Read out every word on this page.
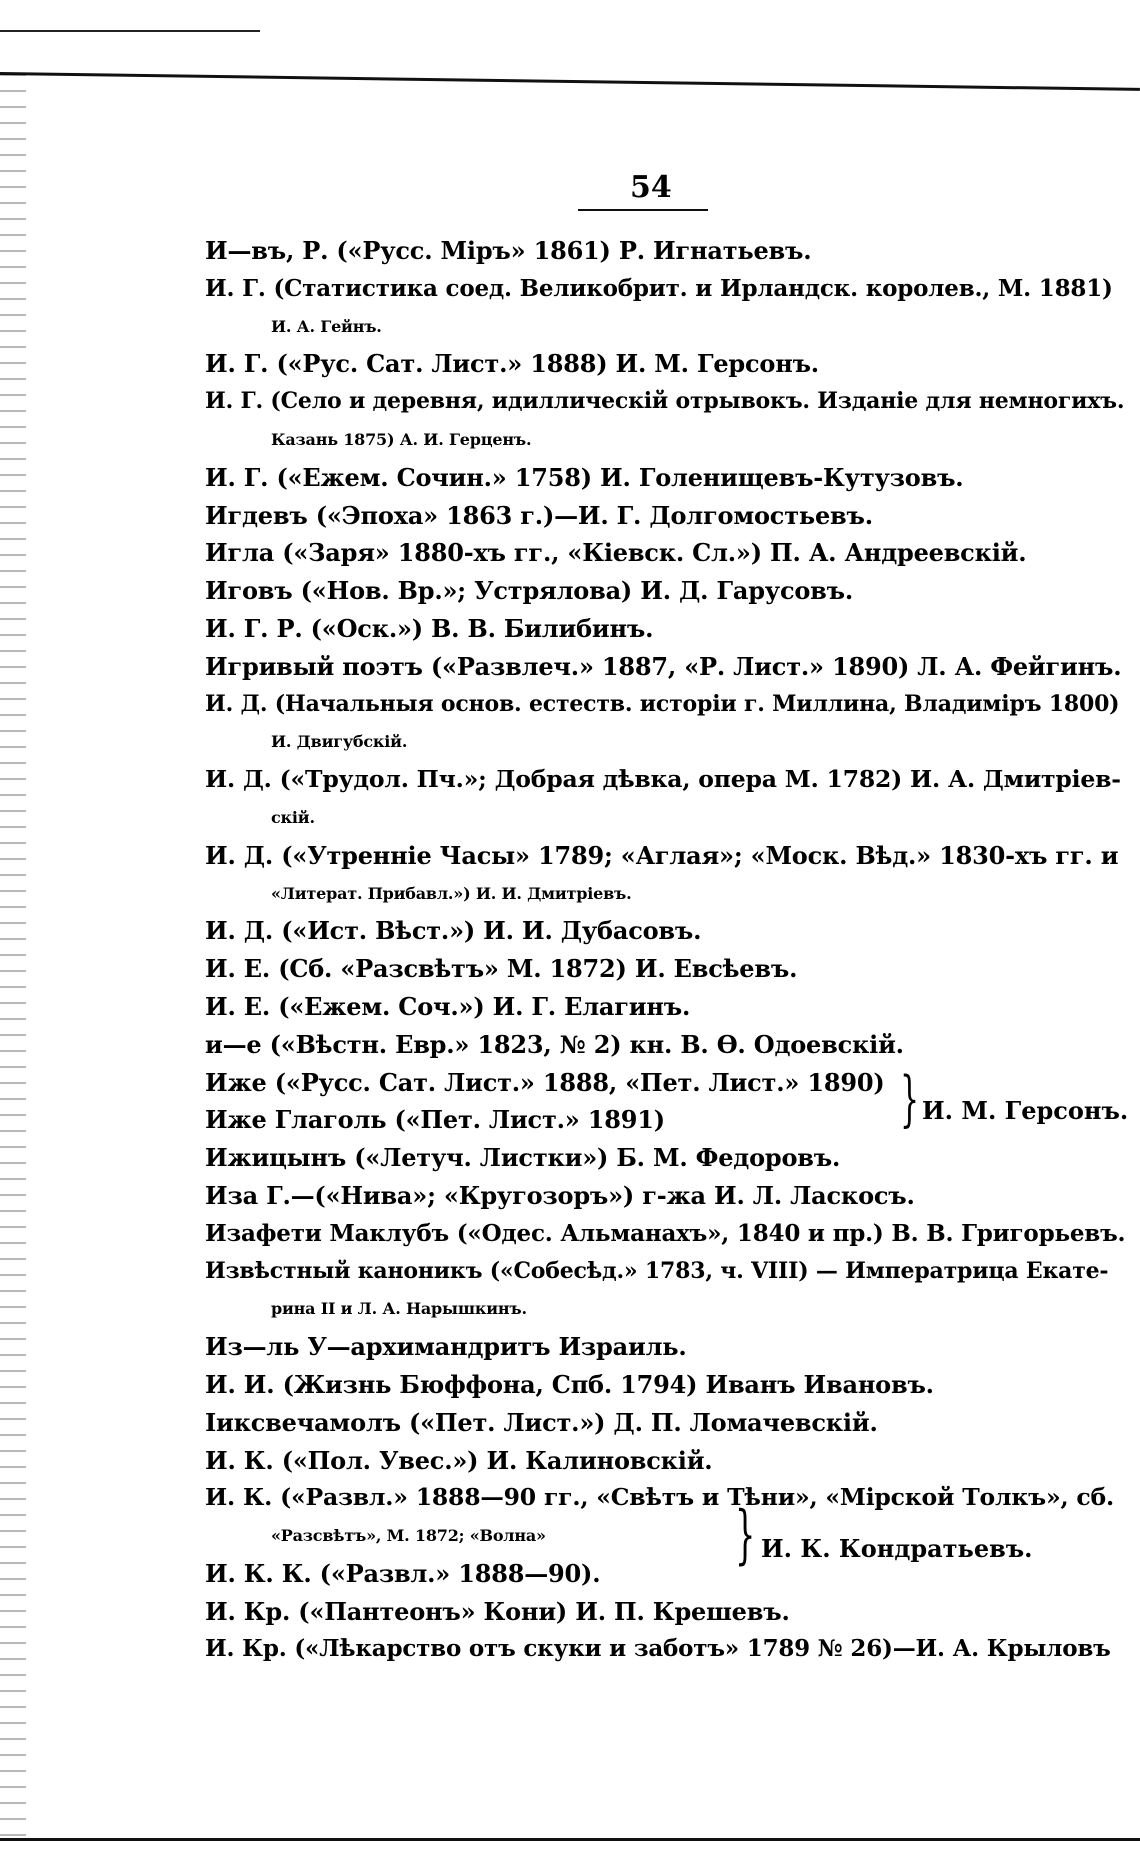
54
И—въ, Р. («Русс. Міръ» 1861) Р. Игнатьевъ.
И. Г. (Статистика соед. Великобрит. и Ирландск. королев., М. 1881)
И. А. Гейнъ.
И. Г. («Рус. Сат. Лист.» 1888) И. М. Герсонъ.
И. Г. (Село и деревня, идиллическій отрывокъ. Изданіе для немногихъ.
Казань 1875) А. И. Герценъ.
И. Г. («Ежем. Сочин.» 1758) И. Голенищевъ-Кутузовъ.
Игдевъ («Эпоха» 1863 г.)—И. Г. Долгомостьевъ.
Игла («Заря» 1880-хъ гг., «Кіевск. Сл.») П. А. Андреевскій.
Иговъ («Нов. Вр.»; Устрялова) И. Д. Гарусовъ.
И. Г. Р. («Оск.») В. В. Билибинъ.
Игривый поэтъ («Развлеч.» 1887, «Р. Лист.» 1890) Л. А. Фейгинъ.
И. Д. (Начальныя основ. естеств. исторіи г. Миллина, Владиміръ 1800)
И. Двигубскій.
И. Д. («Трудол. Пч.»; Добрая дѣвка, опера М. 1782) И. А. Дмитріев-
скій.
И. Д. («Утренніе Часы» 1789; «Аглая»; «Моск. Вѣд.» 1830-хъ гг. и
«Литерат. Прибавл.») И. И. Дмитріевъ.
И. Д. («Ист. Вѣст.») И. И. Дубасовъ.
И. Е. (Сб. «Разсвѣтъ» М. 1872) И. Евсѣевъ.
И. Е. («Ежем. Соч.») И. Г. Елагинъ.
и—е («Вѣстн. Евр.» 1823, № 2) кн. В. Ѳ. Одоевскій.
Иже («Русс. Сат. Лист.» 1888, «Пет. Лист.» 1890)
Иже Глаголь («Пет. Лист.» 1891)
Ижицынъ («Летуч. Листки») Б. М. Федоровъ.
Иза Г.—(«Нива»; «Кругозоръ») г-жа И. Л. Ласкосъ.
Изафети Маклубъ («Одес. Альманахъ», 1840 и пр.) В. В. Григорьевъ.
Извѣстный каноникъ («Собесѣд.» 1783, ч. VIII) — Императрица Екате-
рина II и Л. А. Нарышкинъ.
Из—ль У—архимандритъ Израиль.
И. И. (Жизнь Бюффона, Спб. 1794) Иванъ Ивановъ.
Іиксвечамолъ («Пет. Лист.») Д. П. Ломачевскій.
И. К. («Пол. Увес.») И. Калиновскій.
И. К. («Развл.» 1888—90 гг., «Свѣтъ и Тѣни», «Мірской Толкъ», сб.
«Разсвѣтъ», М. 1872; «Волна»
И. К. К. («Развл.» 1888—90).
И. Кр. («Пантеонъ» Кони) И. П. Крешевъ.
И. Кр. («Лѣкарство отъ скуки и заботъ» 1789 № 26)—И. А. Крыловъ
} И. М. Герсонъ.
} И. К. Кондратьевъ.
